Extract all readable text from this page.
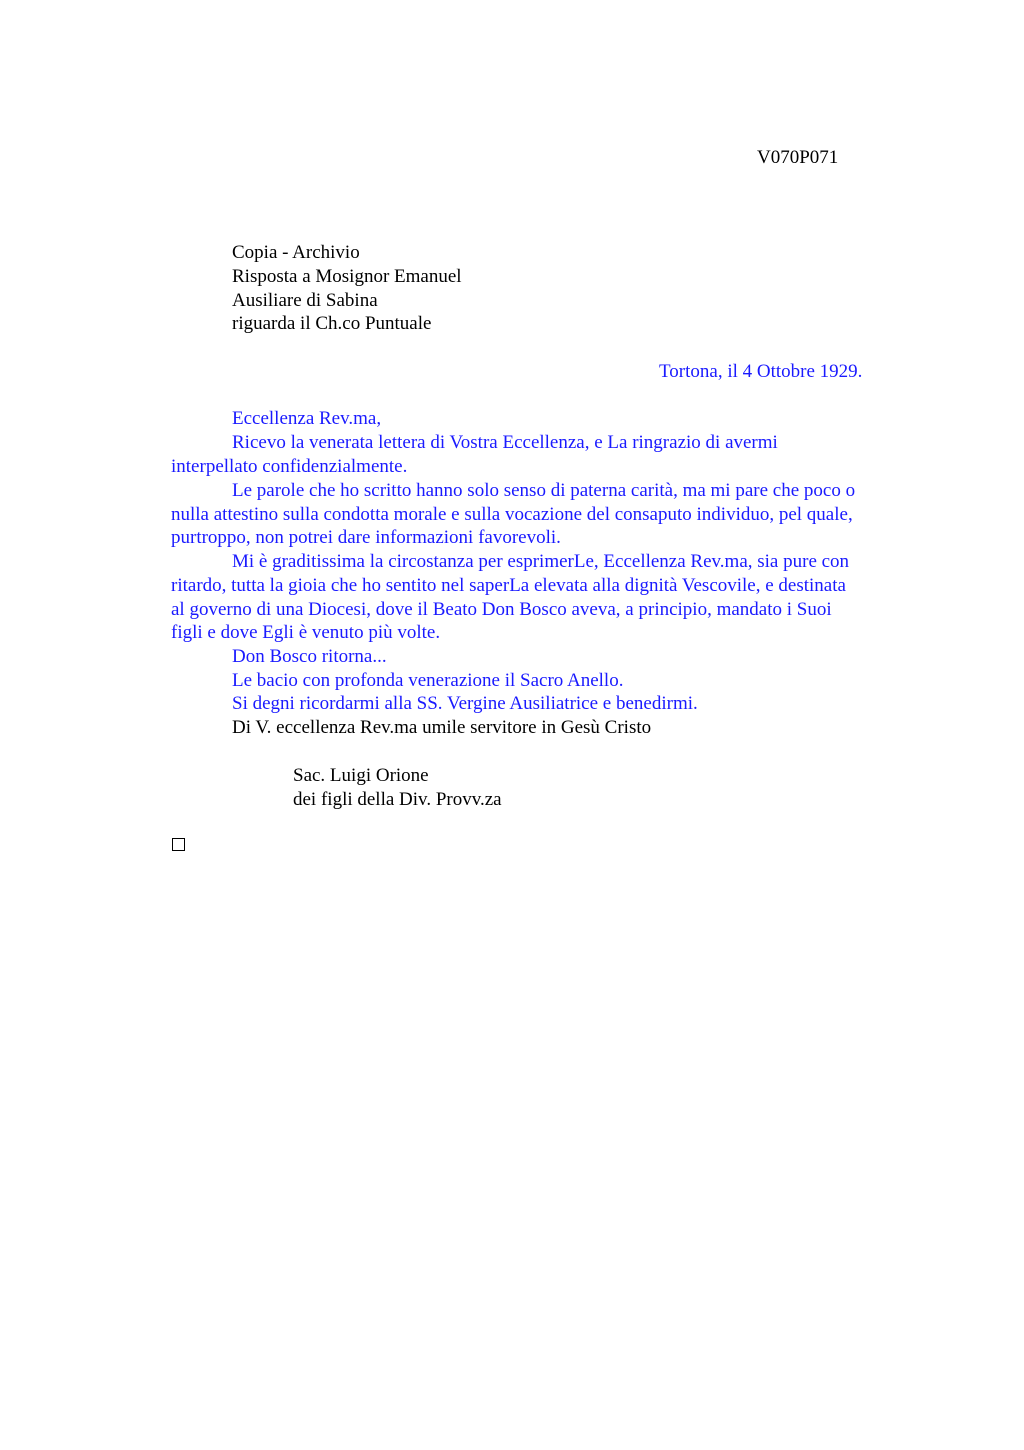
V070P071
Copia - Archivio
Risposta a Mosignor Emanuel
Ausiliare di Sabina
riguarda il Ch.co Puntuale
Tortona, il 4 Ottobre 1929.
Eccellenza Rev.ma,
Ricevo la venerata lettera di Vostra Eccellenza, e La ringrazio di avermi
interpellato confidenzialmente.
Le parole che ho scritto hanno solo senso di paterna carità, ma mi pare che poco o
nulla attestino sulla condotta morale e sulla vocazione del consaputo individuo, pel quale,
purtroppo, non potrei dare informazioni favorevoli.
Mi è graditissima la circostanza per esprimerLe, Eccellenza Rev.ma, sia pure con
ritardo, tutta la gioia che ho sentito nel saperLa elevata alla dignità Vescovile, e destinata
al governo di una Diocesi, dove il Beato Don Bosco aveva, a principio, mandato i Suoi
figli e dove Egli è venuto più volte.
Don Bosco ritorna...
Le bacio con profonda venerazione il Sacro Anello.
Si degni ricordarmi alla SS. Vergine Ausiliatrice e benedirmi.
Di V. eccellenza Rev.ma umile servitore in Gesù Cristo
Sac. Luigi Orione
dei figli della Div. Provv.za
